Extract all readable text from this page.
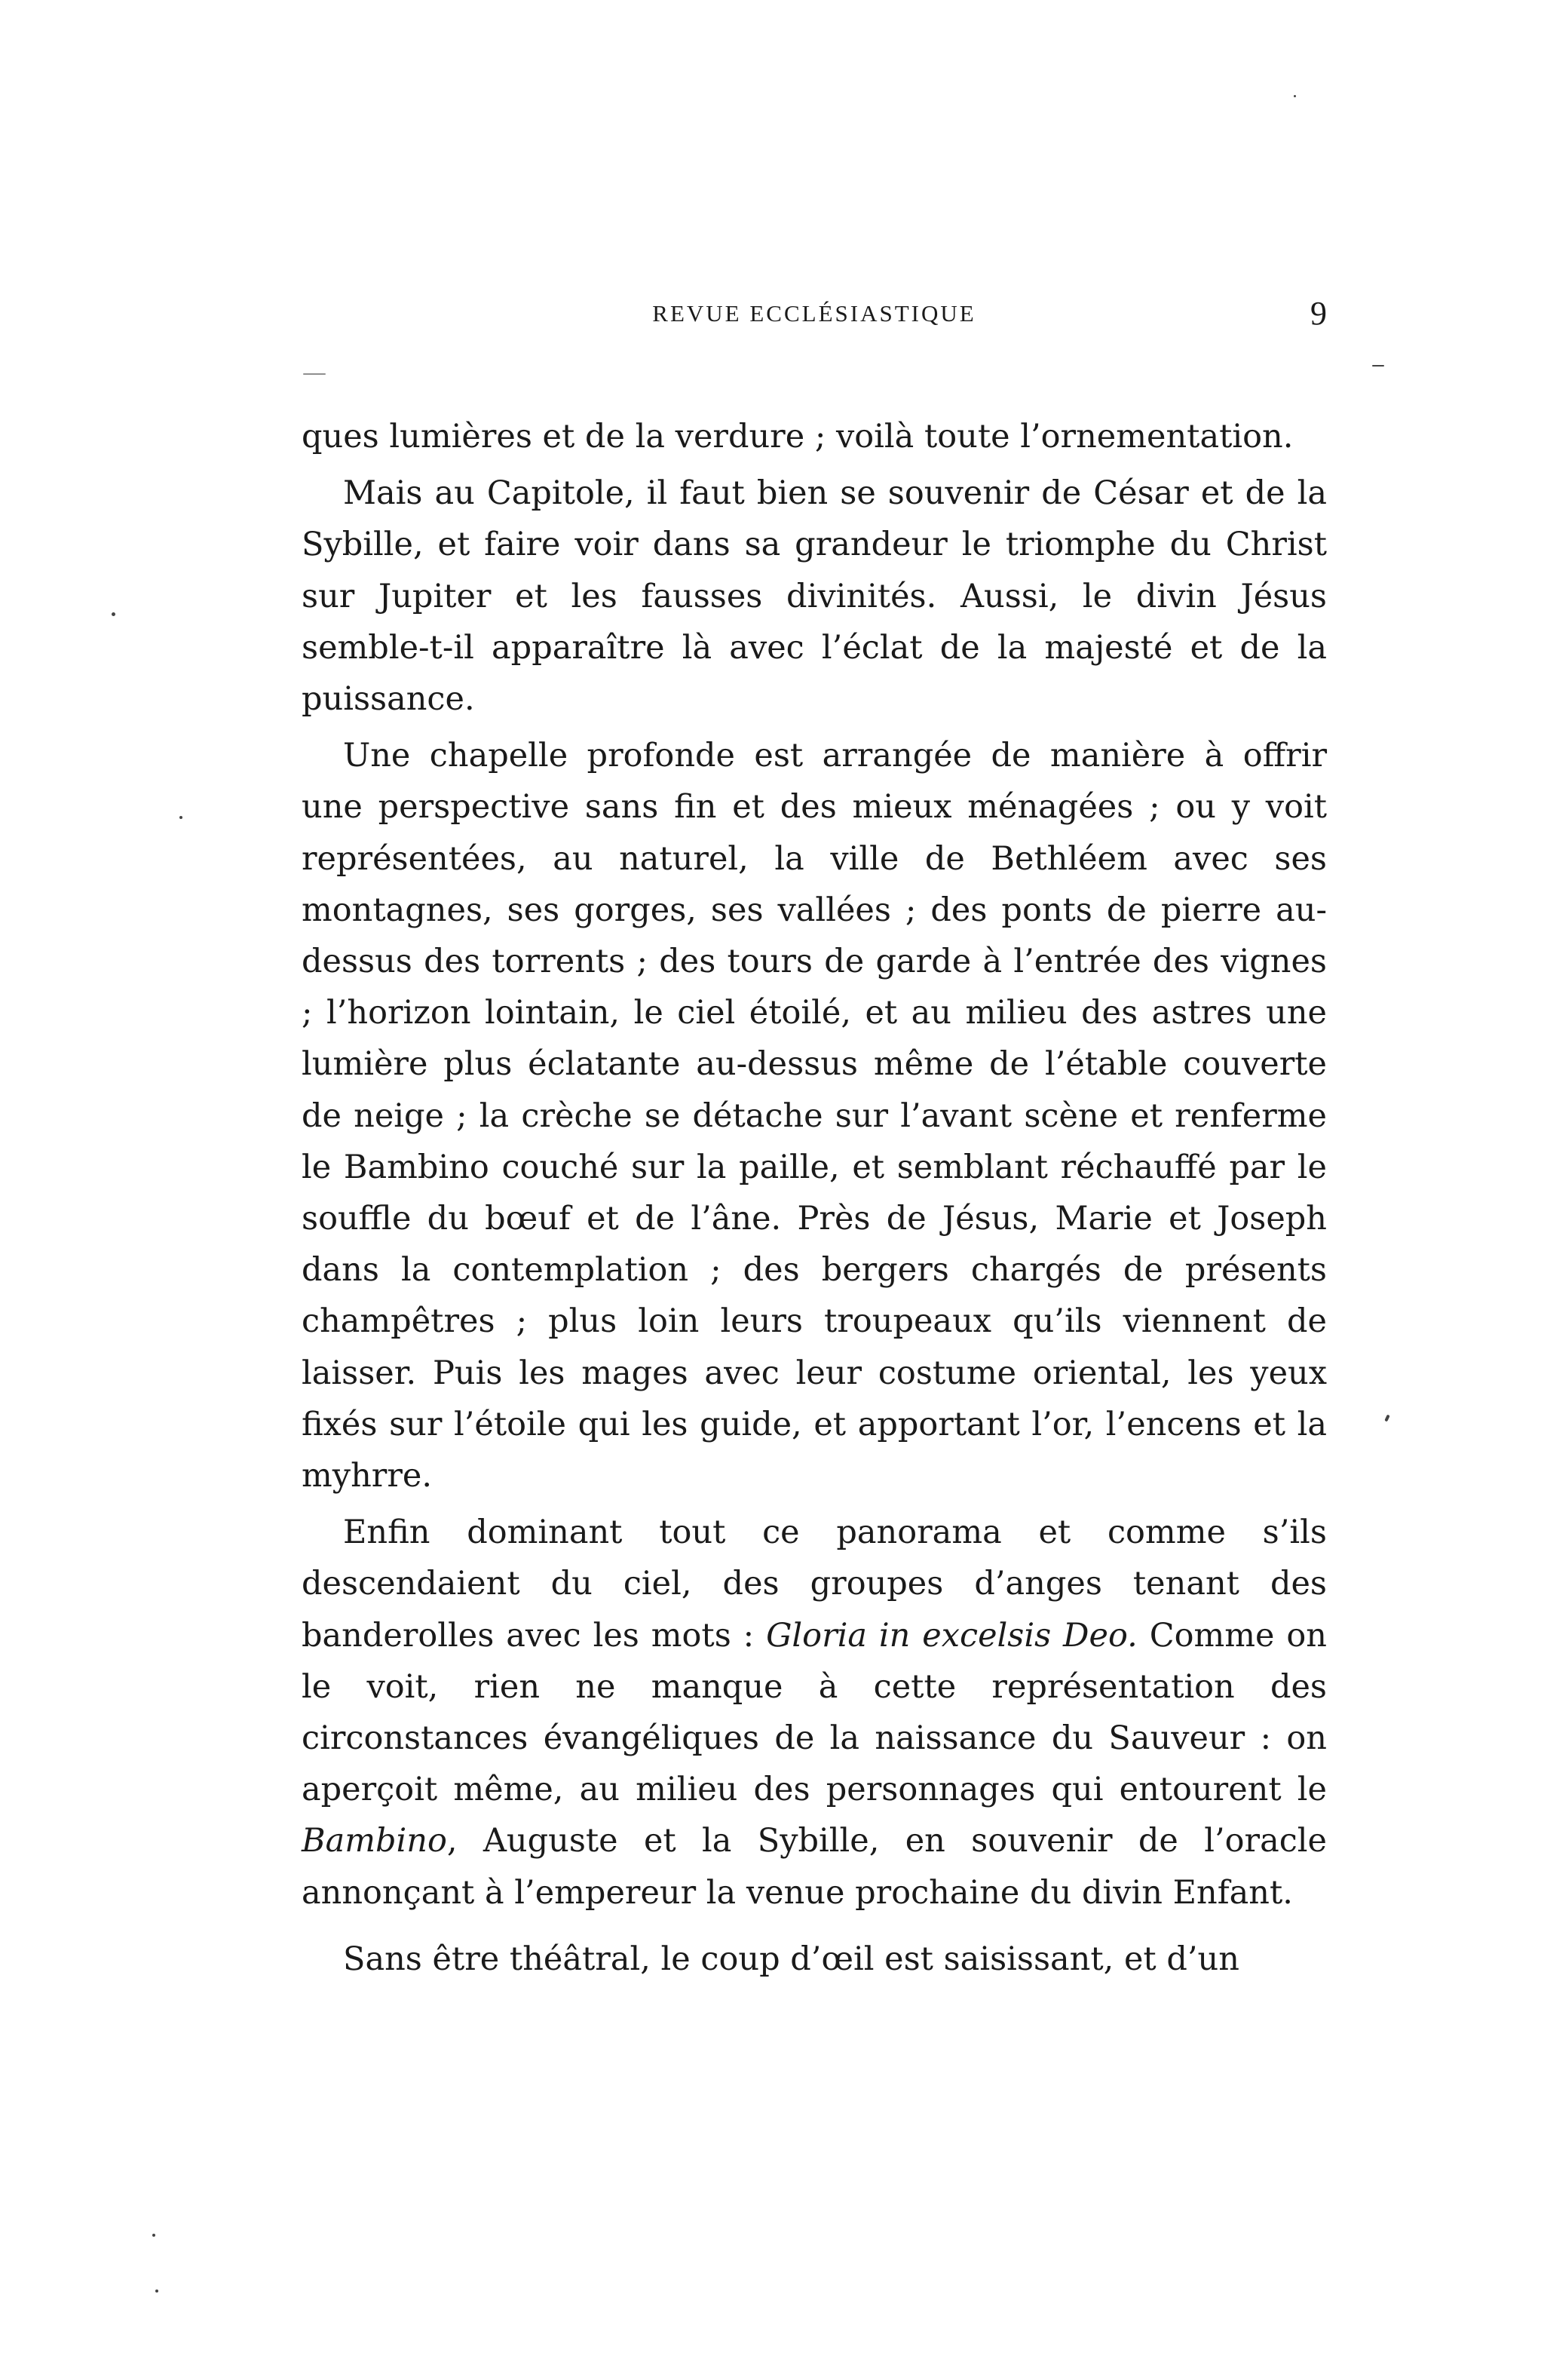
REVUE ECCLÉSIASTIQUE	9

ques lumières et de la verdure ; voilà toute l’ornementation.

Mais au Capitole, il faut bien se souvenir de César et de la Sybille, et faire voir dans sa grandeur le triomphe du Christ sur Jupiter et les fausses divinités. Aussi, le divin Jésus semble-t-il apparaître là avec l’éclat de la majesté et de la puissance.

Une chapelle profonde est arrangée de manière à offrir une perspective sans fin et des mieux ménagées ; ou y voit représentées, au naturel, la ville de Bethléem avec ses montagnes, ses gorges, ses vallées ; des ponts de pierre au-dessus des torrents ; des tours de garde à l’entrée des vignes ; l’horizon lointain, le ciel étoilé, et au milieu des astres une lumière plus éclatante au-dessus même de l’étable couverte de neige ; la crèche se détache sur l’avant scène et renferme le Bambino couché sur la paille, et semblant réchauffé par le souffle du bœuf et de l’âne. Près de Jésus, Marie et Joseph dans la contemplation ; des bergers chargés de présents champêtres ; plus loin leurs troupeaux qu’ils viennent de laisser. Puis les mages avec leur costume oriental, les yeux fixés sur l’étoile qui les guide, et apportant l’or, l’encens et la myhrre.

Enfin dominant tout ce panorama et comme s’ils descendaient du ciel, des groupes d’anges tenant des banderolles avec les mots : Gloria in excelsis Deo. Comme on le voit, rien ne manque à cette représentation des circonstances évangéliques de la naissance du Sauveur : on aperçoit même, au milieu des personnages qui entourent le Bambino, Auguste et la Sybille, en souvenir de l’oracle annonçant à l’empereur la venue prochaine du divin Enfant.

Sans être théâtral, le coup d’œil est saisissant, et d’un
